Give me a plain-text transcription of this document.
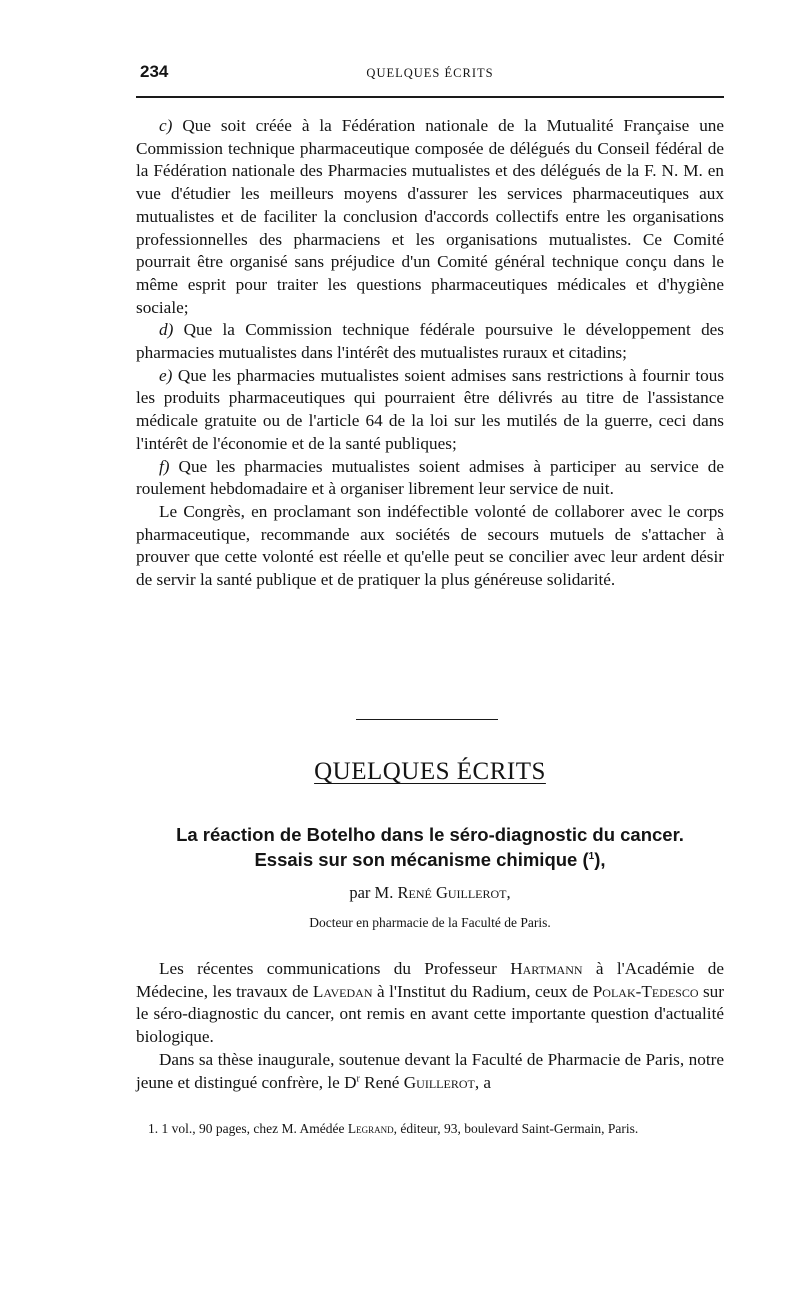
234	QUELQUES ÉCRITS

c) Que soit créée à la Fédération nationale de la Mutualité Française une Commission technique pharmaceutique composée de délégués du Conseil fédéral de la Fédération nationale des Pharmacies mutualistes et des délégués de la F. N. M. en vue d'étudier les meilleurs moyens d'assurer les services pharmaceutiques aux mutualistes et de faciliter la conclusion d'accords collectifs entre les organisations professionnelles des pharmaciens et les organisations mutualistes. Ce Comité pourrait être organisé sans préjudice d'un Comité général technique conçu dans le même esprit pour traiter les questions pharmaceutiques médicales et d'hygiène sociale;

d) Que la Commission technique fédérale poursuive le développement des pharmacies mutualistes dans l'intérêt des mutualistes ruraux et citadins;

e) Que les pharmacies mutualistes soient admises sans restrictions à fournir tous les produits pharmaceutiques qui pourraient être délivrés au titre de l'assistance médicale gratuite ou de l'article 64 de la loi sur les mutilés de la guerre, ceci dans l'intérêt de l'économie et de la santé publiques;

f) Que les pharmacies mutualistes soient admises à participer au service de roulement hebdomadaire et à organiser librement leur service de nuit.

Le Congrès, en proclamant son indéfectible volonté de collaborer avec le corps pharmaceutique, recommande aux sociétés de secours mutuels de s'attacher à prouver que cette volonté est réelle et qu'elle peut se concilier avec leur ardent désir de servir la santé publique et de pratiquer la plus généreuse solidarité.

QUELQUES ÉCRITS
La réaction de Botelho dans le séro-diagnostic du cancer.
Essais sur son mécanisme chimique ($^1$),
par M. René Guillerot,
Docteur en pharmacie de la Faculté de Paris.

Les récentes communications du Professeur Hartmann à l'Académie de Médecine, les travaux de Lavedan à l'Institut du Radium, ceux de Polak-Tedesco sur le séro-diagnostic du cancer, ont remis en avant cette importante question d'actualité biologique.

Dans sa thèse inaugurale, soutenue devant la Faculté de Pharmacie de Paris, notre jeune et distingué confrère, le $D^r$ René Guillerot, a

1. 1 vol., 90 pages, chez M. Amédée Legrand, éditeur, 93, boulevard Saint-Germain, Paris.
